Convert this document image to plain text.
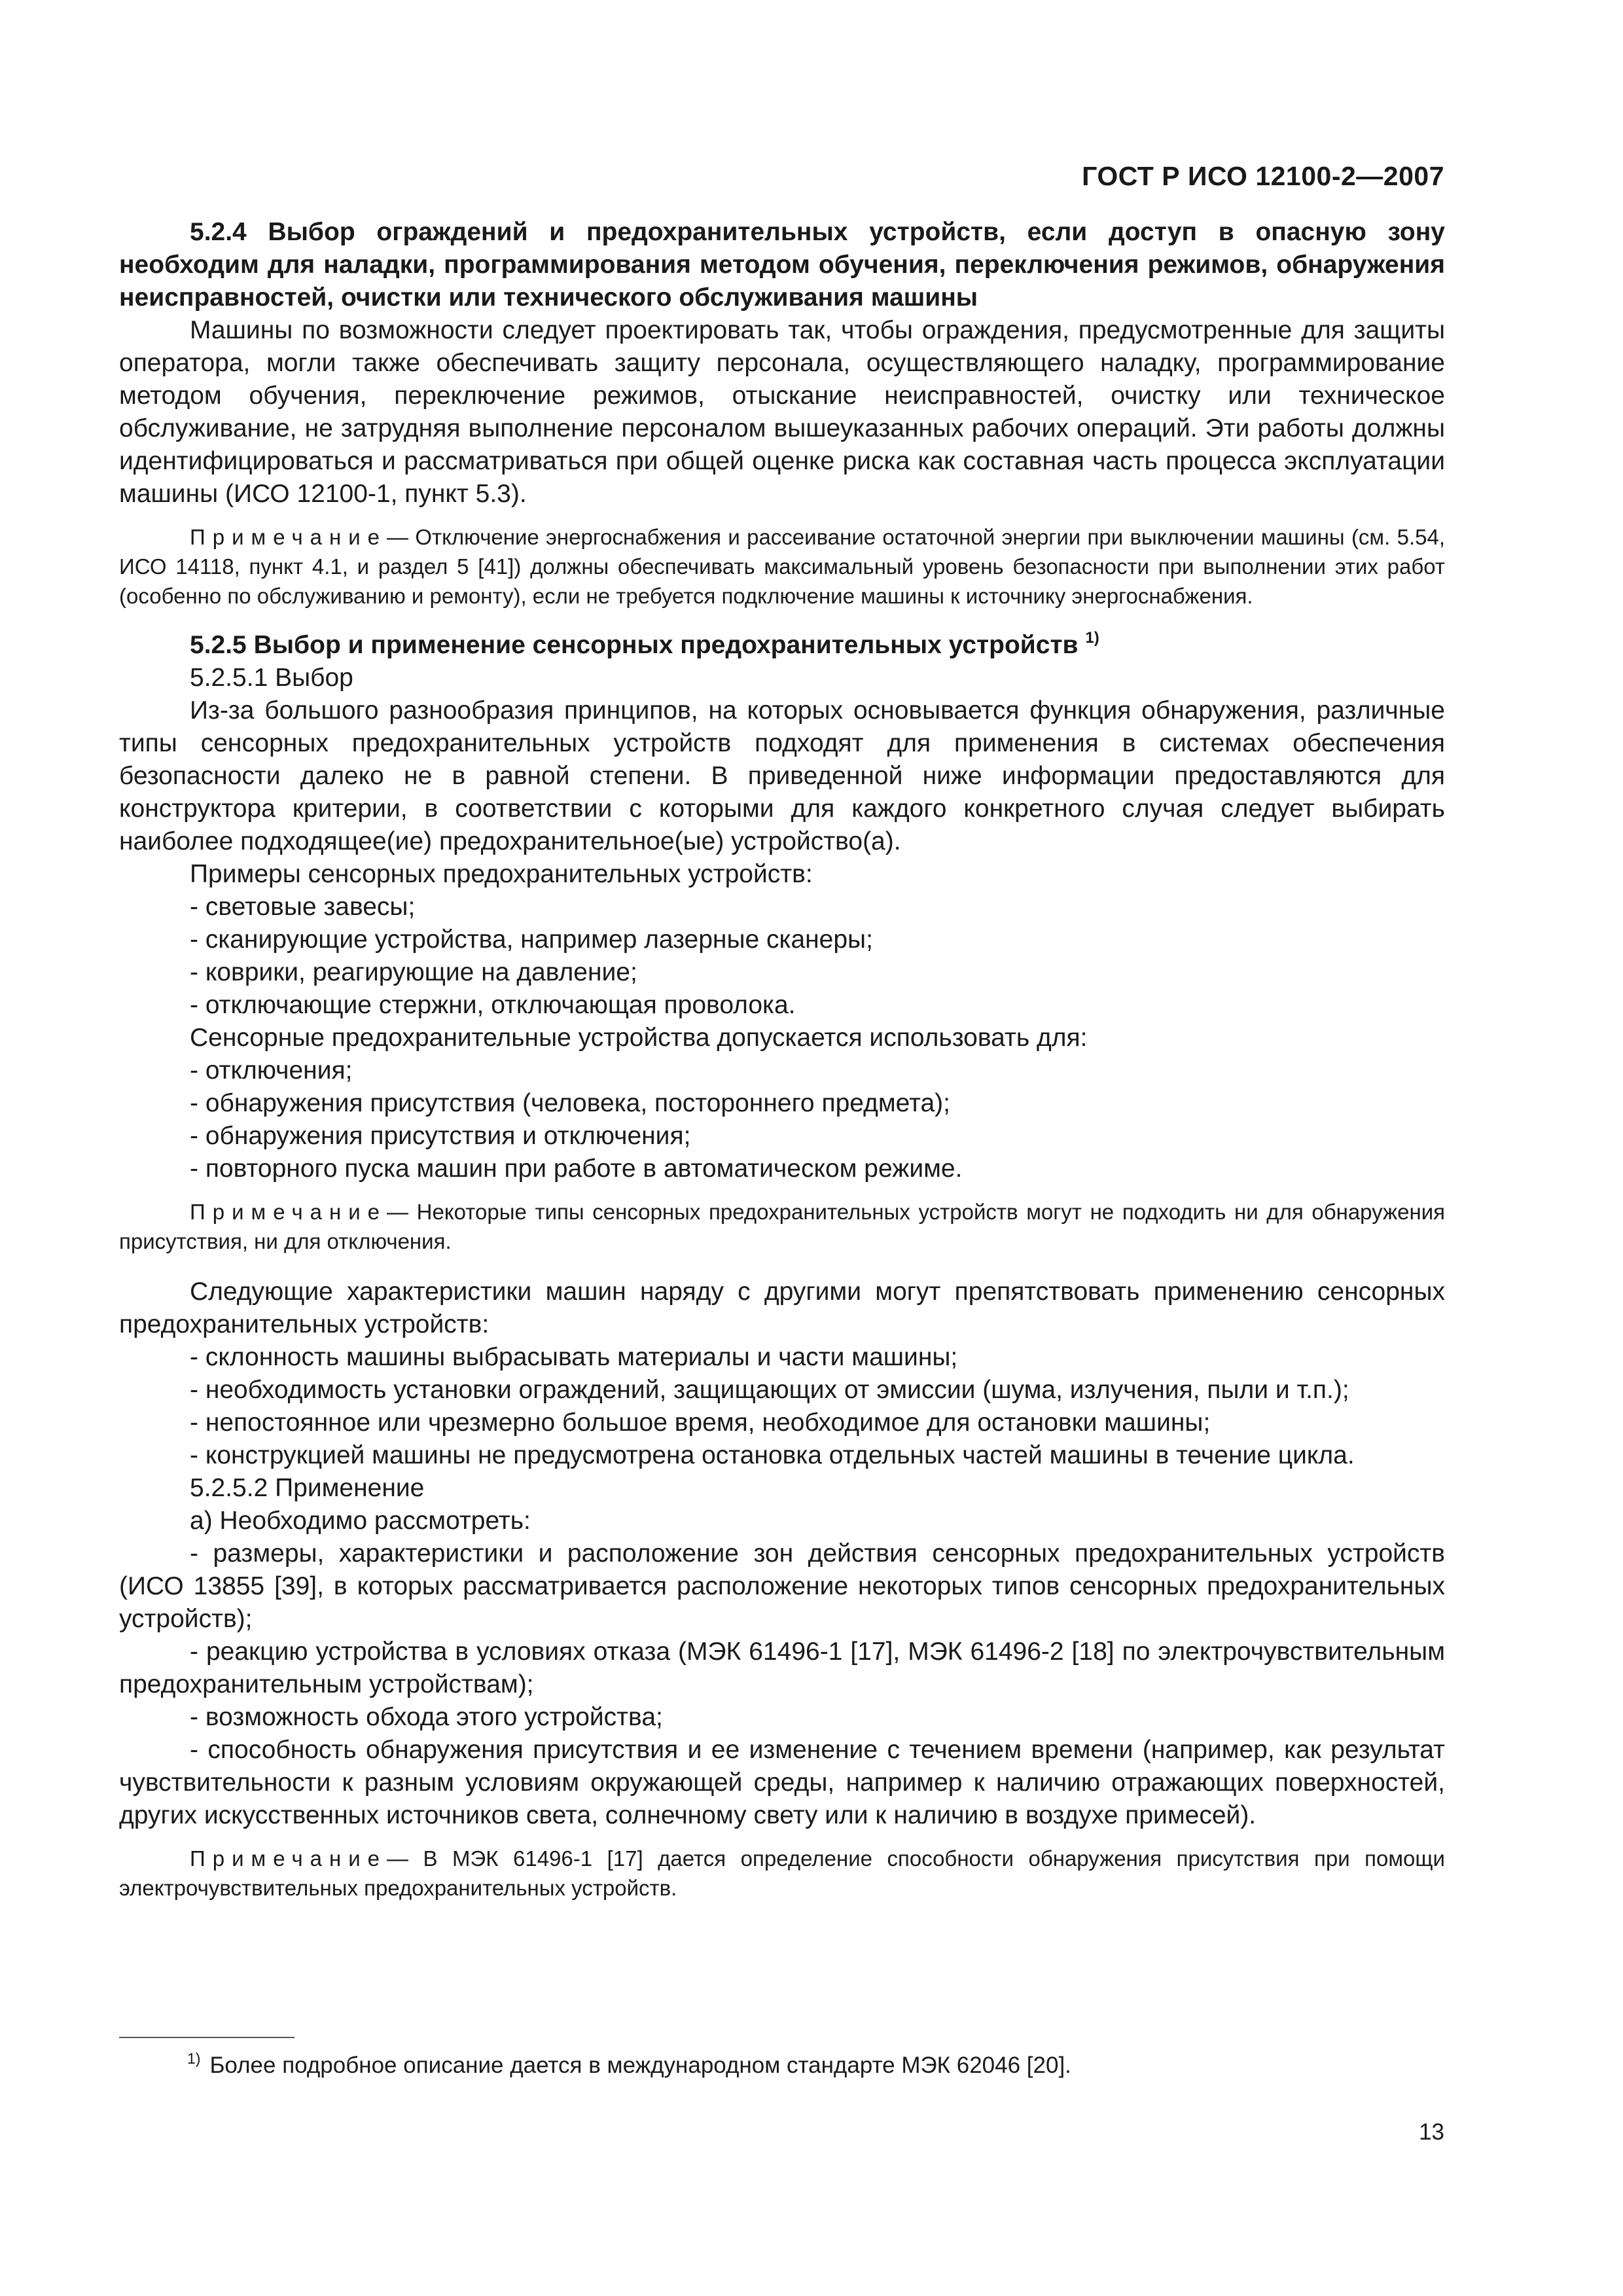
ГОСТ Р ИСО 12100-2—2007

5.2.4 Выбор ограждений и предохранительных устройств, если доступ в опасную зону необходим для наладки, программирования методом обучения, переключения режимов, обнаружения неисправностей, очистки или технического обслуживания машины

Машины по возможности следует проектировать так, чтобы ограждения, предусмотренные для защиты оператора, могли также обеспечивать защиту персонала, осуществляющего наладку, программирование методом обучения, переключение режимов, отыскание неисправностей, очистку или техническое обслуживание, не затрудняя выполнение персоналом вышеуказанных рабочих операций. Эти работы должны идентифицироваться и рассматриваться при общей оценке риска как составная часть процесса эксплуатации машины (ИСО 12100-1, пункт 5.3).

Примечание— Отключение энергоснабжения и рассеивание остаточной энергии при выключении машины (см. 5.54, ИСО 14118, пункт 4.1, и раздел 5 [41]) должны обеспечивать максимальный уровень безопасности при выполнении этих работ (особенно по обслуживанию и ремонту), если не требуется подключение машины к источнику энергоснабжения.

5.2.5 Выбор и применение сенсорных предохранительных устройств $^{1)}$

5.2.5.1 Выбор

Из-за большого разнообразия принципов, на которых основывается функция обнаружения, различные типы сенсорных предохранительных устройств подходят для применения в системах обеспечения безопасности далеко не в равной степени. В приведенной ниже информации предоставляются для конструктора критерии, в соответствии с которыми для каждого конкретного случая следует выбирать наиболее подходящее(ие) предохранительное(ые) устройство(а).

Примеры сенсорных предохранительных устройств:

- световые завесы;

- сканирующие устройства, например лазерные сканеры;

- коврики, реагирующие на давление;

- отключающие стержни, отключающая проволока.

Сенсорные предохранительные устройства допускается использовать для:

- отключения;

- обнаружения присутствия (человека, постороннего предмета);

- обнаружения присутствия и отключения;

- повторного пуска машин при работе в автоматическом режиме.

Примечание— Некоторые типы сенсорных предохранительных устройств могут не подходить ни для обнаружения присутствия, ни для отключения.

Следующие характеристики машин наряду с другими могут препятствовать применению сенсорных предохранительных устройств:

- склонность машины выбрасывать материалы и части машины;

- необходимость установки ограждений, защищающих от эмиссии (шума, излучения, пыли и т.п.);

- непостоянное или чрезмерно большое время, необходимое для остановки машины;

- конструкцией машины не предусмотрена остановка отдельных частей машины в течение цикла.

5.2.5.2 Применение

а) Необходимо рассмотреть:

- размеры, характеристики и расположение зон действия сенсорных предохранительных устройств (ИСО 13855 [39], в которых рассматривается расположение некоторых типов сенсорных предохранительных устройств);

- реакцию устройства в условиях отказа (МЭК 61496-1 [17], МЭК 61496-2 [18] по электрочувствительным предохранительным устройствам);

- возможность обхода этого устройства;

- способность обнаружения присутствия и ее изменение с течением времени (например, как результат чувствительности к разным условиям окружающей среды, например к наличию отражающих поверхностей, других искусственных источников света, солнечному свету или к наличию в воздухе примесей).

Примечание— В МЭК 61496-1 [17] дается определение способности обнаружения присутствия при помощи электрочувствительных предохранительных устройств.

$^{1)}$ Более подробное описание дается в международном стандарте МЭК 62046 [20].
13
